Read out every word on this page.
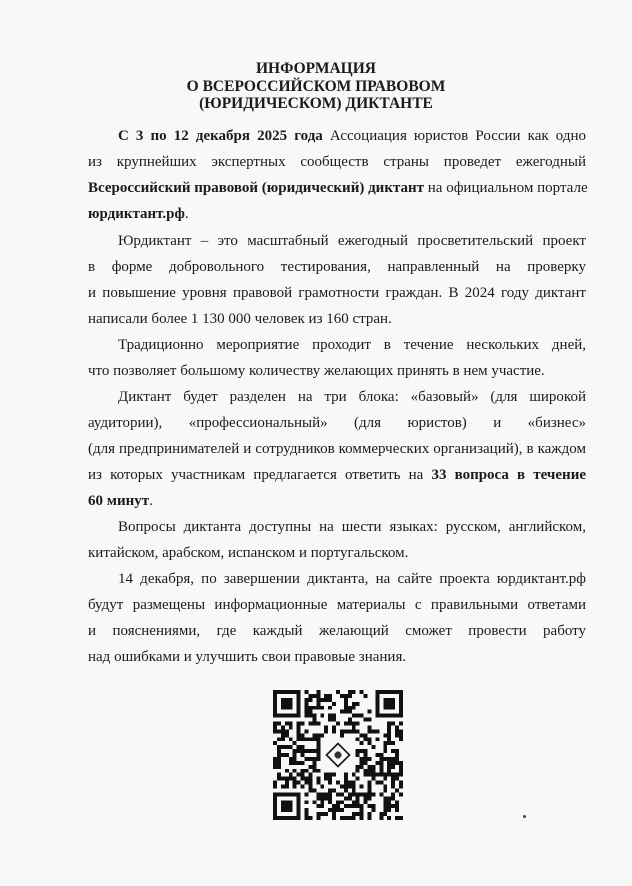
ИНФОРМАЦИЯ
О ВСЕРОССИЙСКОМ ПРАВОВОМ
(ЮРИДИЧЕСКОМ) ДИКТАНТЕ
С 3 по 12 декабря 2025 года Ассоциация юристов России как одно
из крупнейших экспертных сообществ страны проведет ежегодный
Всероссийский правовой (юридический) диктант на официальном портале
юрдиктант.рф.
Юрдиктант – это масштабный ежегодный просветительский проект
в форме добровольного тестирования, направленный на проверку
и повышение уровня правовой грамотности граждан. В 2024 году диктант
написали более 1 130 000 человек из 160 стран.
Традиционно мероприятие проходит в течение нескольких дней,
что позволяет большому количеству желающих принять в нем участие.
Диктант будет разделен на три блока: «базовый» (для широкой
аудитории), «профессиональный» (для юристов) и «бизнес»
(для предпринимателей и сотрудников коммерческих организаций), в каждом
из которых участникам предлагается ответить на 33 вопроса в течение
60 минут.
Вопросы диктанта доступны на шести языках: русском, английском,
китайском, арабском, испанском и португальском.
14 декабря, по завершении диктанта, на сайте проекта юрдиктант.рф
будут размещены информационные материалы с правильными ответами
и пояснениями, где каждый желающий сможет провести работу
над ошибками и улучшить свои правовые знания.
